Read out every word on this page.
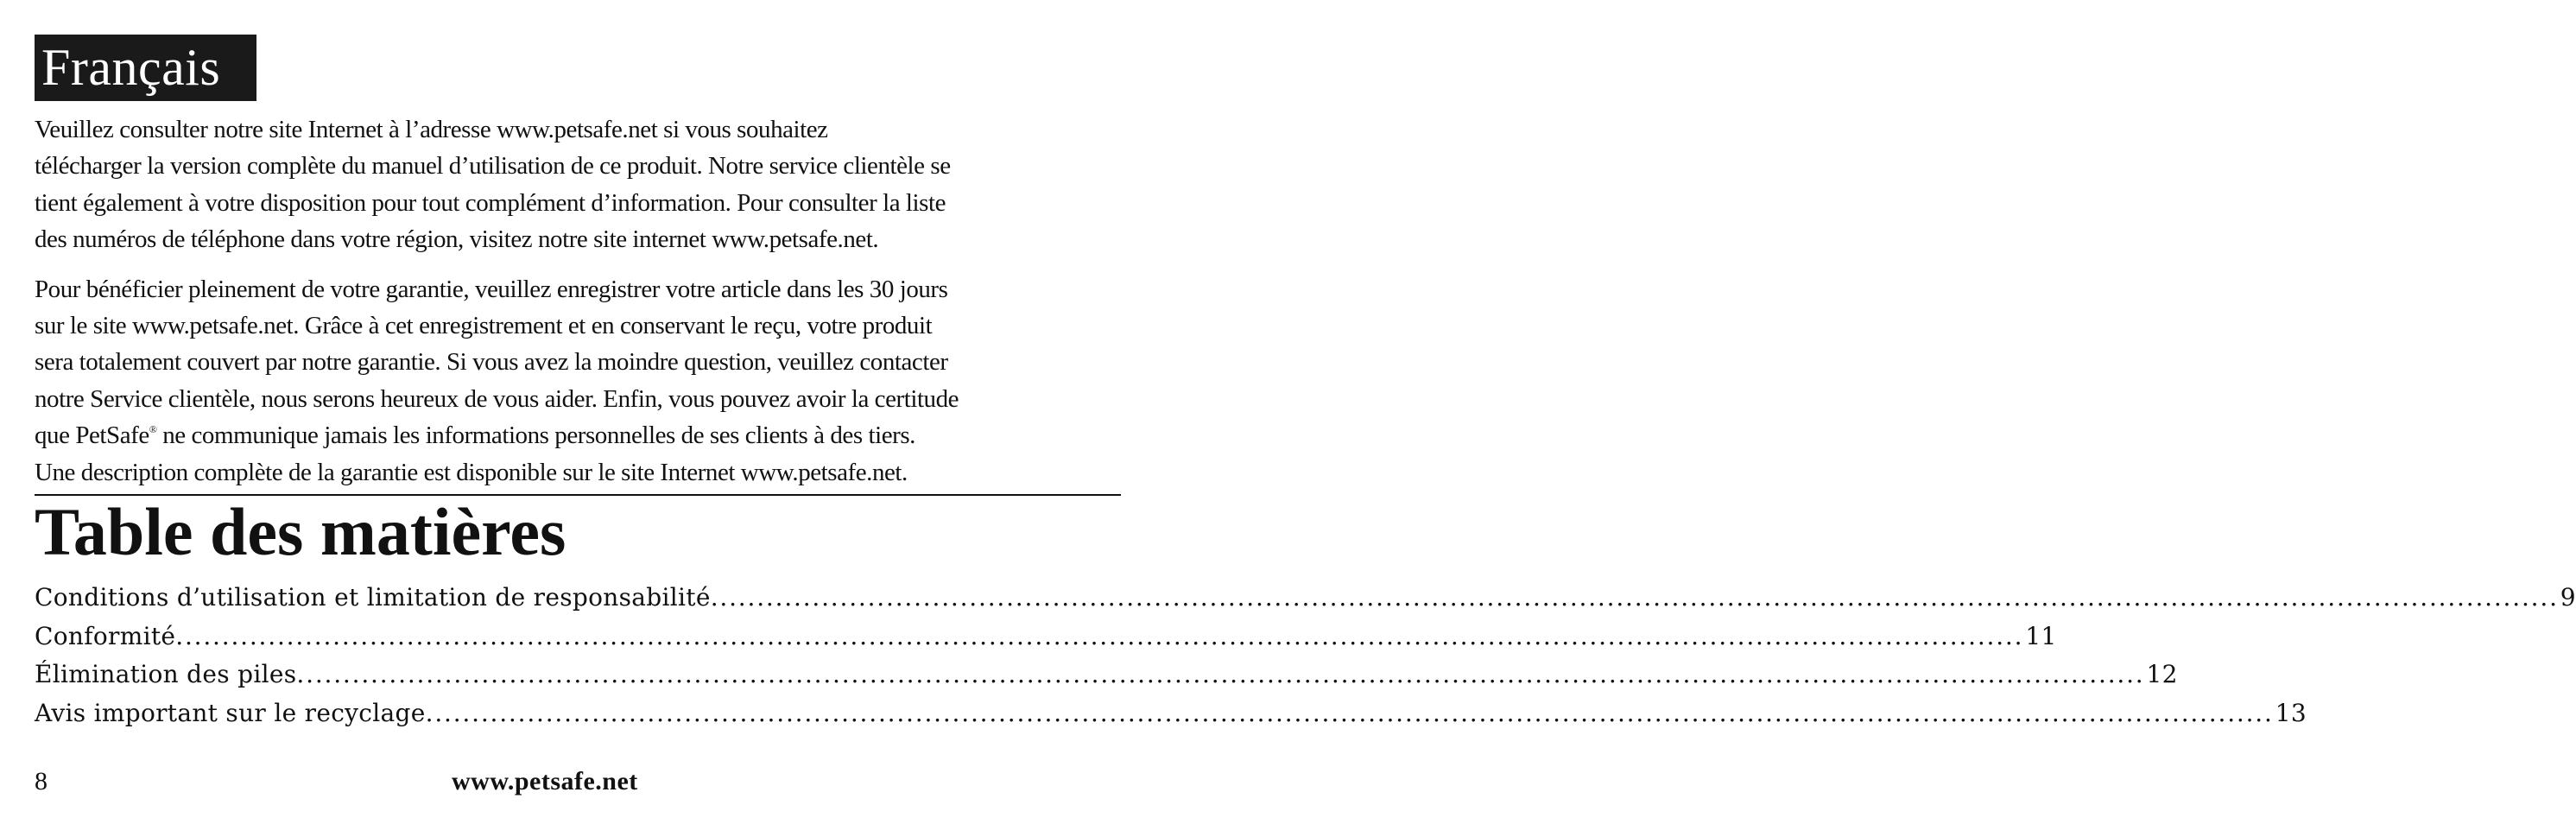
Français

Veuillez consulter notre site Internet à l’adresse www.petsafe.net si vous souhaitez
télécharger la version complète du manuel d’utilisation de ce produit. Notre service clientèle se
tient également à votre disposition pour tout complément d’information. Pour consulter la liste
des numéros de téléphone dans votre région, visitez notre site internet www.petsafe.net.

Pour bénéficier pleinement de votre garantie, veuillez enregistrer votre article dans les 30 jours
sur le site www.petsafe.net. Grâce à cet enregistrement et en conservant le reçu, votre produit
sera totalement couvert par notre garantie. Si vous avez la moindre question, veuillez contacter
notre Service clientèle, nous serons heureux de vous aider. Enfin, vous pouvez avoir la certitude
que PetSafe® ne communique jamais les informations personnelles de ses clients à des tiers.
Une description complète de la garantie est disponible sur le site Internet www.petsafe.net.

Table des matières
Conditions d’utilisation et limitation de responsabilité ........................................................................................................................................................................................................ 9
Conformité ........................................................................................................................................................................................................ 11
Élimination des piles ........................................................................................................................................................................................................ 12
Avis important sur le recyclage ........................................................................................................................................................................................................ 13
8	www.petsafe.net
